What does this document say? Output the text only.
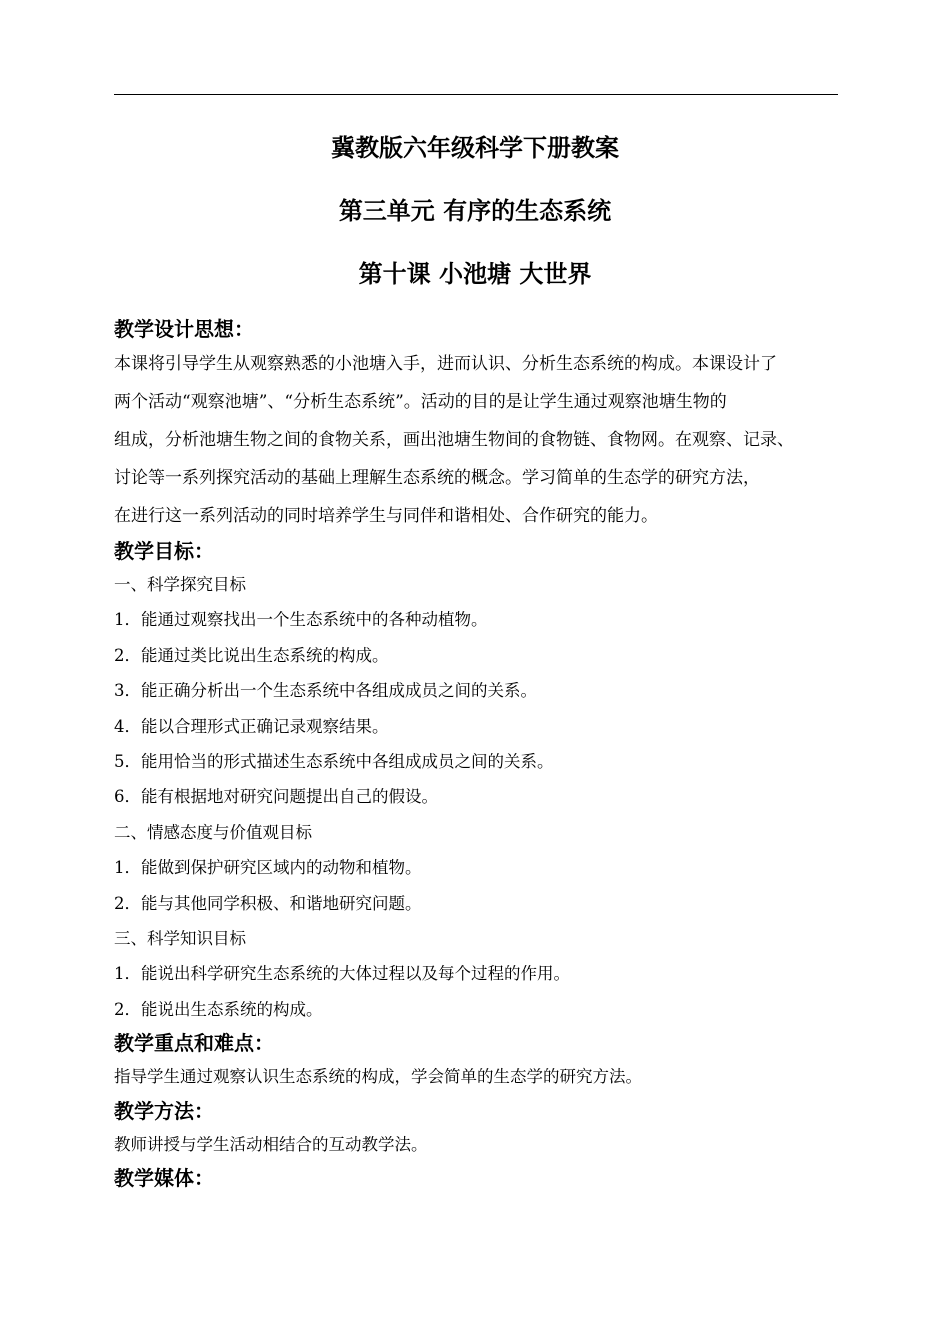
冀教版六年级科学下册教案
第三单元 有序的生态系统
第十课 小池塘 大世界
教学设计思想：
本课将引导学生从观察熟悉的小池塘入手，进而认识、分析生态系统的构成。本课设计了
两个活动“观察池塘”、“分析生态系统”。活动的目的是让学生通过观察池塘生物的
组成，分析池塘生物之间的食物关系，画出池塘生物间的食物链、食物网。在观察、记录、
讨论等一系列探究活动的基础上理解生态系统的概念。学习简单的生态学的研究方法，
在进行这一系列活动的同时培养学生与同伴和谐相处、合作研究的能力。
教学目标：
一、科学探究目标
1．能通过观察找出一个生态系统中的各种动植物。
2．能通过类比说出生态系统的构成。
3．能正确分析出一个生态系统中各组成成员之间的关系。
4．能以合理形式正确记录观察结果。
5．能用恰当的形式描述生态系统中各组成成员之间的关系。
6．能有根据地对研究问题提出自己的假设。
二、情感态度与价值观目标
1．能做到保护研究区域内的动物和植物。
2．能与其他同学积极、和谐地研究问题。
三、科学知识目标
1．能说出科学研究生态系统的大体过程以及每个过程的作用。
2．能说出生态系统的构成。
教学重点和难点：
指导学生通过观察认识生态系统的构成，学会简单的生态学的研究方法。
教学方法：
教师讲授与学生活动相结合的互动教学法。
教学媒体：
